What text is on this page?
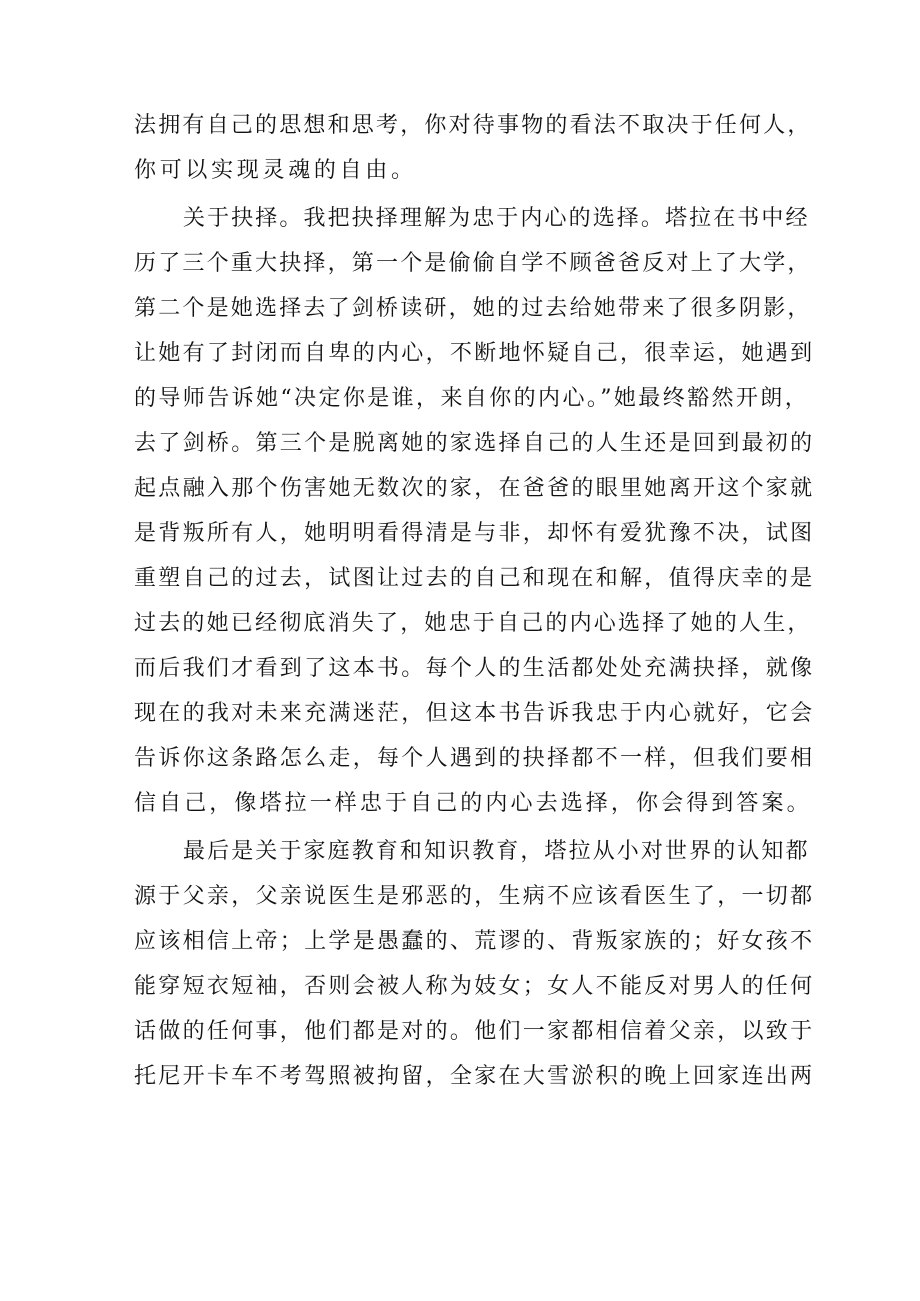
法拥有自己的思想和思考，你对待事物的看法不取决于任何人，
你可以实现灵魂的自由。
关于抉择。我把抉择理解为忠于内心的选择。塔拉在书中经
历了三个重大抉择，第一个是偷偷自学不顾爸爸反对上了大学，
第二个是她选择去了剑桥读研，她的过去给她带来了很多阴影，
让她有了封闭而自卑的内心，不断地怀疑自己，很幸运，她遇到
的导师告诉她“决定你是谁，来自你的内心。”她最终豁然开朗，
去了剑桥。第三个是脱离她的家选择自己的人生还是回到最初的
起点融入那个伤害她无数次的家，在爸爸的眼里她离开这个家就
是背叛所有人，她明明看得清是与非，却怀有爱犹豫不决，试图
重塑自己的过去，试图让过去的自己和现在和解，值得庆幸的是
过去的她已经彻底消失了，她忠于自己的内心选择了她的人生，
而后我们才看到了这本书。每个人的生活都处处充满抉择，就像
现在的我对未来充满迷茫，但这本书告诉我忠于内心就好，它会
告诉你这条路怎么走，每个人遇到的抉择都不一样，但我们要相
信自己，像塔拉一样忠于自己的内心去选择，你会得到答案。
最后是关于家庭教育和知识教育，塔拉从小对世界的认知都
源于父亲，父亲说医生是邪恶的，生病不应该看医生了，一切都
应该相信上帝；上学是愚蠢的、荒谬的、背叛家族的；好女孩不
能穿短衣短袖，否则会被人称为妓女；女人不能反对男人的任何
话做的任何事，他们都是对的。他们一家都相信着父亲，以致于
托尼开卡车不考驾照被拘留，全家在大雪淤积的晚上回家连出两
